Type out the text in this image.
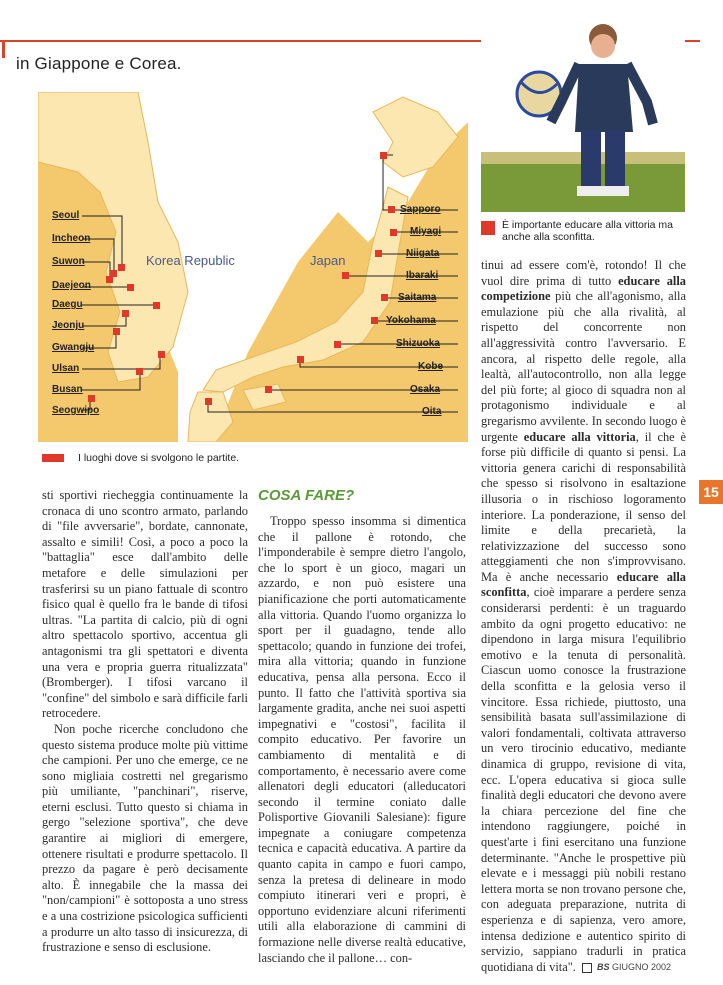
in Giappone e Corea.
Korea Republic	Japan
Seoul
Incheon
Suwon
Daejeon
Daegu
Jeonju
Gwangju
Ulsan
Busan
Seogwipo
Sapporo
Miyagi
Niigata
Ibaraki
Saitama
Yokohama
Shizuoka
Kobe
Osaka
Oita
I luoghi dove si svolgono le partite.
È importante educare alla vittoria ma anche alla sconfitta.

sti sportivi riecheggia continuamente la cronaca di uno scontro armato, parlando di "file avversarie", bordate, cannonate, assalto e simili! Così, a poco a poco la "battaglia" esce dall'ambito delle metafore e delle simulazioni per trasferirsi su un piano fattuale di scontro fisico qual è quello fra le bande di tifosi ultras. "La partita di calcio, più di ogni altro spettacolo sportivo, accentua gli antagonismi tra gli spettatori e diventa una vera e propria guerra ritualizzata" (Bromberger). I tifosi varcano il "confine" del simbolo e sarà difficile farli retrocedere.

Non poche ricerche concludono che questo sistema produce molte più vittime che campioni. Per uno che emerge, ce ne sono migliaia costretti nel gregarismo più umiliante, "panchinari", riserve, eterni esclusi. Tutto questo si chiama in gergo "selezione sportiva", che deve garantire ai migliori di emergere, ottenere risultati e produrre spettacolo. Il prezzo da pagare è però decisamente alto. È innegabile che la massa dei "non/campioni" è sottoposta a uno stress e a una costrizione psicologica sufficienti a produrre un alto tasso di insicurezza, di frustrazione e senso di esclusione.

COSA FARE?

Troppo spesso insomma si dimentica che il pallone è rotondo, che l'imponderabile è sempre dietro l'angolo, che lo sport è un gioco, magari un azzardo, e non può esistere una pianificazione che porti automaticamente alla vittoria. Quando l'uomo organizza lo sport per il guadagno, tende allo spettacolo; quando in funzione dei trofei, mira alla vittoria; quando in funzione educativa, pensa alla persona. Ecco il punto. Il fatto che l'attività sportiva sia largamente gradita, anche nei suoi aspetti impegnativi e "costosi", facilita il compito educativo. Per favorire un cambiamento di mentalità e di comportamento, è necessario avere come allenatori degli educatori (alleducatori secondo il termine coniato dalle Polisportive Giovanili Salesiane): figure impegnate a coniugare competenza tecnica e capacità educativa. A partire da quanto capita in campo e fuori campo, senza la pretesa di delineare in modo compiuto itinerari veri e propri, è opportuno evidenziare alcuni riferimenti utili alla elaborazione di cammini di formazione nelle diverse realtà educative, lasciando che il pallone… con-

tinui ad essere com'è, rotondo! Il che vuol dire prima di tutto educare alla competizione più che all'agonismo, alla emulazione più che alla rivalità, al rispetto del concorrente non all'aggressività contro l'avversario. E ancora, al rispetto delle regole, alla lealtà, all'autocontrollo, non alla legge del più forte; al gioco di squadra non al protagonismo individuale e al gregarismo avvilente. In secondo luogo è urgente educare alla vittoria, il che è forse più difficile di quanto si pensi. La vittoria genera carichi di responsabilità che spesso si risolvono in esaltazione illusoria o in rischioso logoramento interiore. La ponderazione, il senso del limite e della precarietà, la relativizzazione del successo sono atteggiamenti che non s'improvvisano. Ma è anche necessario educare alla sconfitta, cioè imparare a perdere senza considerarsi perdenti: è un traguardo ambito da ogni progetto educativo: ne dipendono in larga misura l'equilibrio emotivo e la tenuta di personalità. Ciascun uomo conosce la frustrazione della sconfitta e la gelosia verso il vincitore. Essa richiede, piuttosto, una sensibilità basata sull'assimilazione di valori fondamentali, coltivata attraverso un vero tirocinio educativo, mediante dinamica di gruppo, revisione di vita, ecc. L'opera educativa si gioca sulle finalità degli educatori che devono avere la chiara percezione del fine che intendono raggiungere, poiché in quest'arte i fini esercitano una funzione determinante. "Anche le prospettive più elevate e i messaggi più nobili restano lettera morta se non trovano persone che, con adeguata preparazione, nutrita di esperienza e di sapienza, vero amore, intensa dedizione e autentico spirito di servizio, sappiano tradurli in pratica quotidiana di vita".

15
BS GIUGNO 2002
